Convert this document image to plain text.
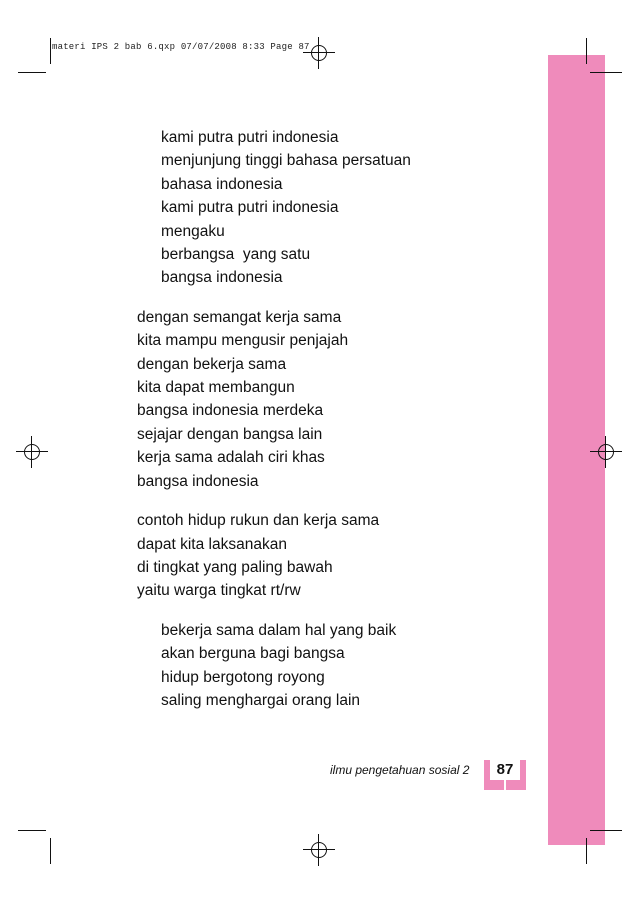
materi IPS 2 bab 6.qxp 07/07/2008 8:33 Page 87
kami putra putri indonesia
menjunjung tinggi bahasa persatuan
bahasa indonesia
kami putra putri indonesia
mengaku
berbangsa  yang satu
bangsa indonesia
dengan semangat kerja sama
kita mampu mengusir penjajah
dengan bekerja sama
kita dapat membangun
bangsa indonesia merdeka
sejajar dengan bangsa lain
kerja sama adalah ciri khas
bangsa indonesia
contoh hidup rukun dan kerja sama
dapat kita laksanakan
di tingkat yang paling bawah
yaitu warga tingkat rt/rw
bekerja sama dalam hal yang baik
akan berguna bagi bangsa
hidup bergotong royong
saling menghargai orang lain
ilmu pengetahuan sosial 2	87
